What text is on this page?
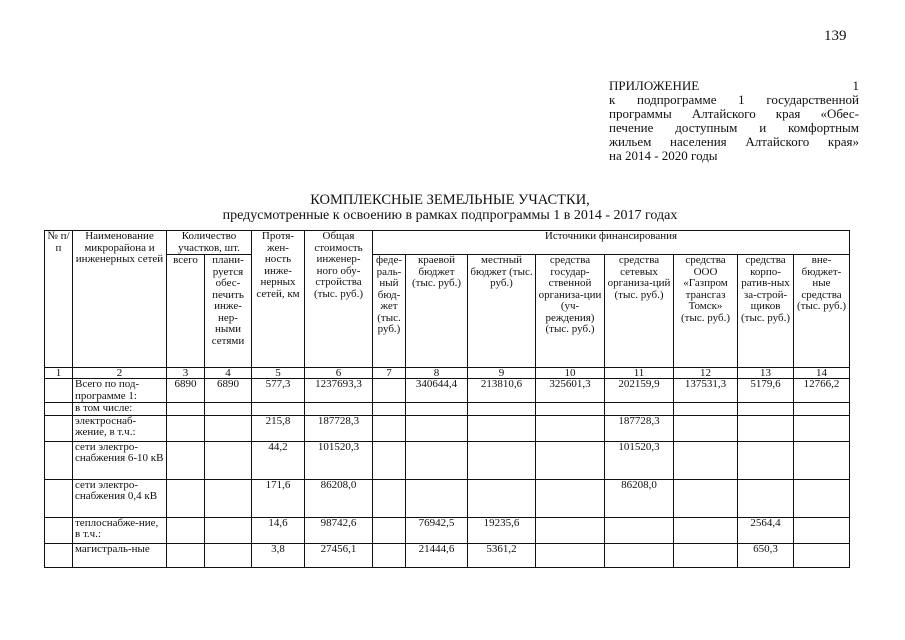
139
ПРИЛОЖЕНИЕ 1
к подпрограмме 1 государственной
программы Алтайского края «Обес-
печение доступным и комфортным
жильем населения Алтайского края»
на 2014 - 2020 годы
КОМПЛЕКСНЫЕ ЗЕМЕЛЬНЫЕ УЧАСТКИ,
предусмотренные к освоению в рамках подпрограммы 1 в 2014 - 2017 годах
№ п/п	Наименование микрорайона и инженерных сетей	Количество участков, шт.		Протя-жен-ность инже-нерных сетей, км	Общая стоимость инженер-ного обу-стройства (тыс. руб.)	Источники финансирования							
		всего	плани-руется обес-печить инже-нер-ными сетями			феде-раль-ный бюд-жет (тыс. руб.)	краевой бюджет (тыс. руб.)	местный бюджет (тыс. руб.)	средства государ-ственной организа-ции (уч-реждения) (тыс. руб.)	средства сетевых организа-ций (тыс. руб.)	средства ООО «Газпром трансгаз Томск» (тыс. руб.)	средства корпо-ратив-ных за-строй-щиков (тыс. руб.)	вне-бюджет-ные средства (тыс. руб.)
1	2	3	4	5	6	7	8	9	10	11	12	13	14
	Всего по под-программе 1:	6890	6890	577,3	1237693,3		340644,4	213810,6	325601,3	202159,9	137531,3	5179,6	12766,2
	в том числе:												
	электроснаб-жение, в т.ч.:			215,8	187728,3					187728,3			
	сети электро-снабжения 6-10 кВ			44,2	101520,3					101520,3			
	сети электро-снабжения 0,4 кВ			171,6	86208,0					86208,0			
	теплоснабже-ние, в т.ч.:			14,6	98742,6		76942,5	19235,6				2564,4	
	магистраль-ные			3,8	27456,1		21444,6	5361,2				650,3	
